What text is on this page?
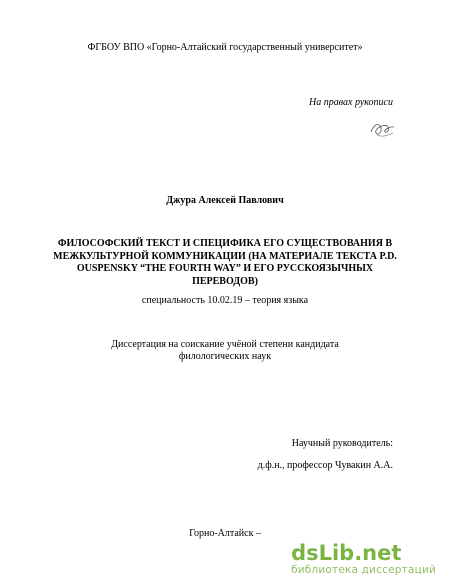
ФГБОУ ВПО «Горно-Алтайский государственный университет»
На правах рукописи
Джура Алексей Павлович
ФИЛОСОФСКИЙ ТЕКСТ И СПЕЦИФИКА ЕГО СУЩЕСТВОВАНИЯ В
МЕЖКУЛЬТУРНОЙ КОММУНИКАЦИИ (НА МАТЕРИАЛЕ ТЕКСТА P.D.
OUSPENSKY “THE FOURTH WAY” И ЕГО РУССКОЯЗЫЧНЫХ
ПЕРЕВОДОВ)
специальность 10.02.19 – теория языка
Диссертация на соискание учёной степени кандидата
филологических наук
Научный руководитель:
д.ф.н., профессор Чувакин А.А.
Горно-Алтайск –
dsLib.net
библиотека диссертаций
